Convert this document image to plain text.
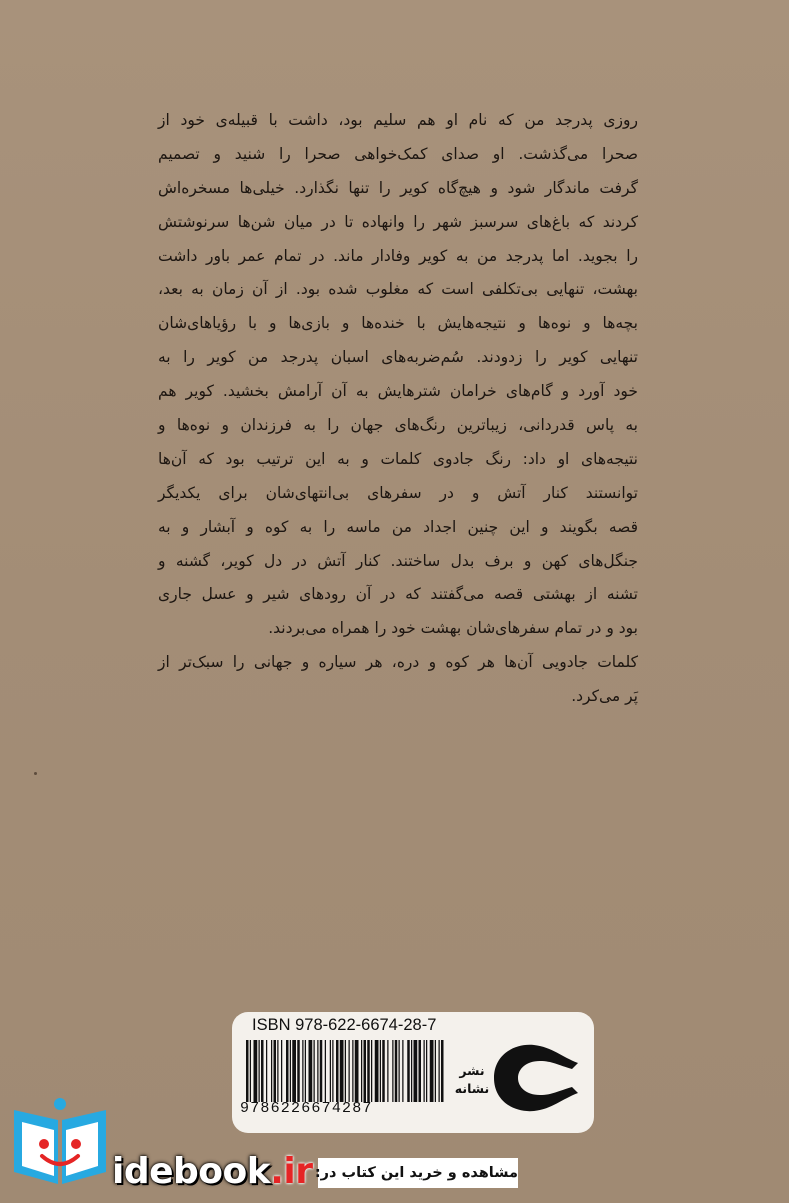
روزی پدرجد من که نام او هم سلیم بود، داشت با قبیله‌ی خود از
صحرا می‌گذشت. او صدای کمک‌خواهی صحرا را شنید و تصمیم
گرفت ماندگار شود و هیچ‌گاه کویر را تنها نگذارد. خیلی‌ها مسخره‌اش
کردند که باغ‌های سرسبز شهر را وانهاده تا در میان شن‌ها سرنوشتش
را بجوید. اما پدرجد من به کویر وفادار ماند. در تمام عمر باور داشت
بهشت، تنهایی بی‌تکلفی است که مغلوب شده بود. از آن زمان به بعد،
بچه‌ها و نوه‌ها و نتیجه‌هایش با خنده‌ها و بازی‌ها و با رؤیاهای‌شان
تنهایی کویر را زدودند. سُم‌ضربه‌های اسبان پدرجد من کویر را به
خود آورد و گام‌های خرامان شترهایش به آن آرامش بخشید. کویر هم
به پاس قدردانی، زیباترین رنگ‌های جهان را به فرزندان و نوه‌ها و
نتیجه‌های او داد: رنگ جادوی کلمات و به این ترتیب بود که آن‌ها
توانستند کنار آتش و در سفرهای بی‌انتهای‌شان برای یکدیگر
قصه بگویند و این چنین اجداد من ماسه را به کوه و آبشار و به
جنگل‌های کهن و برف بدل ساختند. کنار آتش در دل کویر، گشنه و
تشنه از بهشتی قصه می‌گفتند که در آن رودهای شیر و عسل جاری
بود و در تمام سفرهای‌شان بهشت خود را همراه می‌بردند.
کلمات جادویی آن‌ها هر کوه و دره، هر سیاره و جهانی را سبک‌تر از
پَر می‌کرد.
ISBN 978-622-6674-28-7
9786226674287
نشر
نشانه
idebook.ir مشاهده و خرید این کتاب در:
